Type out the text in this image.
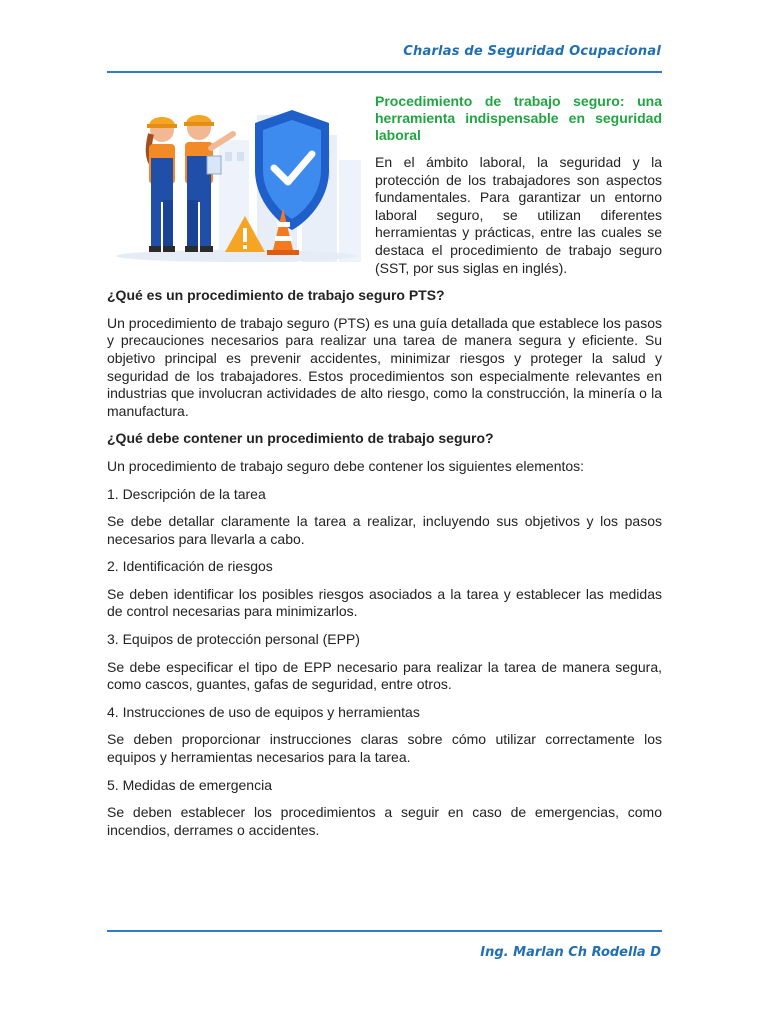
Charlas de Seguridad Ocupacional
Procedimiento de trabajo seguro: una herramienta indispensable en seguridad laboral

En el ámbito laboral, la seguridad y la protección de los trabajadores son aspectos fundamentales. Para garantizar un entorno laboral seguro, se utilizan diferentes herramientas y prácticas, entre las cuales se destaca el procedimiento de trabajo seguro (SST, por sus siglas en inglés).

¿Qué es un procedimiento de trabajo seguro PTS?

Un procedimiento de trabajo seguro (PTS) es una guía detallada que establece los pasos y precauciones necesarios para realizar una tarea de manera segura y eficiente. Su objetivo principal es prevenir accidentes, minimizar riesgos y proteger la salud y seguridad de los trabajadores. Estos procedimientos son especialmente relevantes en industrias que involucran actividades de alto riesgo, como la construcción, la minería o la manufactura.

¿Qué debe contener un procedimiento de trabajo seguro?

Un procedimiento de trabajo seguro debe contener los siguientes elementos:

1. Descripción de la tarea

Se debe detallar claramente la tarea a realizar, incluyendo sus objetivos y los pasos necesarios para llevarla a cabo.

2. Identificación de riesgos

Se deben identificar los posibles riesgos asociados a la tarea y establecer las medidas de control necesarias para minimizarlos.

3. Equipos de protección personal (EPP)

Se debe especificar el tipo de EPP necesario para realizar la tarea de manera segura, como cascos, guantes, gafas de seguridad, entre otros.

4. Instrucciones de uso de equipos y herramientas

Se deben proporcionar instrucciones claras sobre cómo utilizar correctamente los equipos y herramientas necesarios para la tarea.

5. Medidas de emergencia

Se deben establecer los procedimientos a seguir en caso de emergencias, como incendios, derrames o accidentes.

Ing. Marlan Ch Rodella D
